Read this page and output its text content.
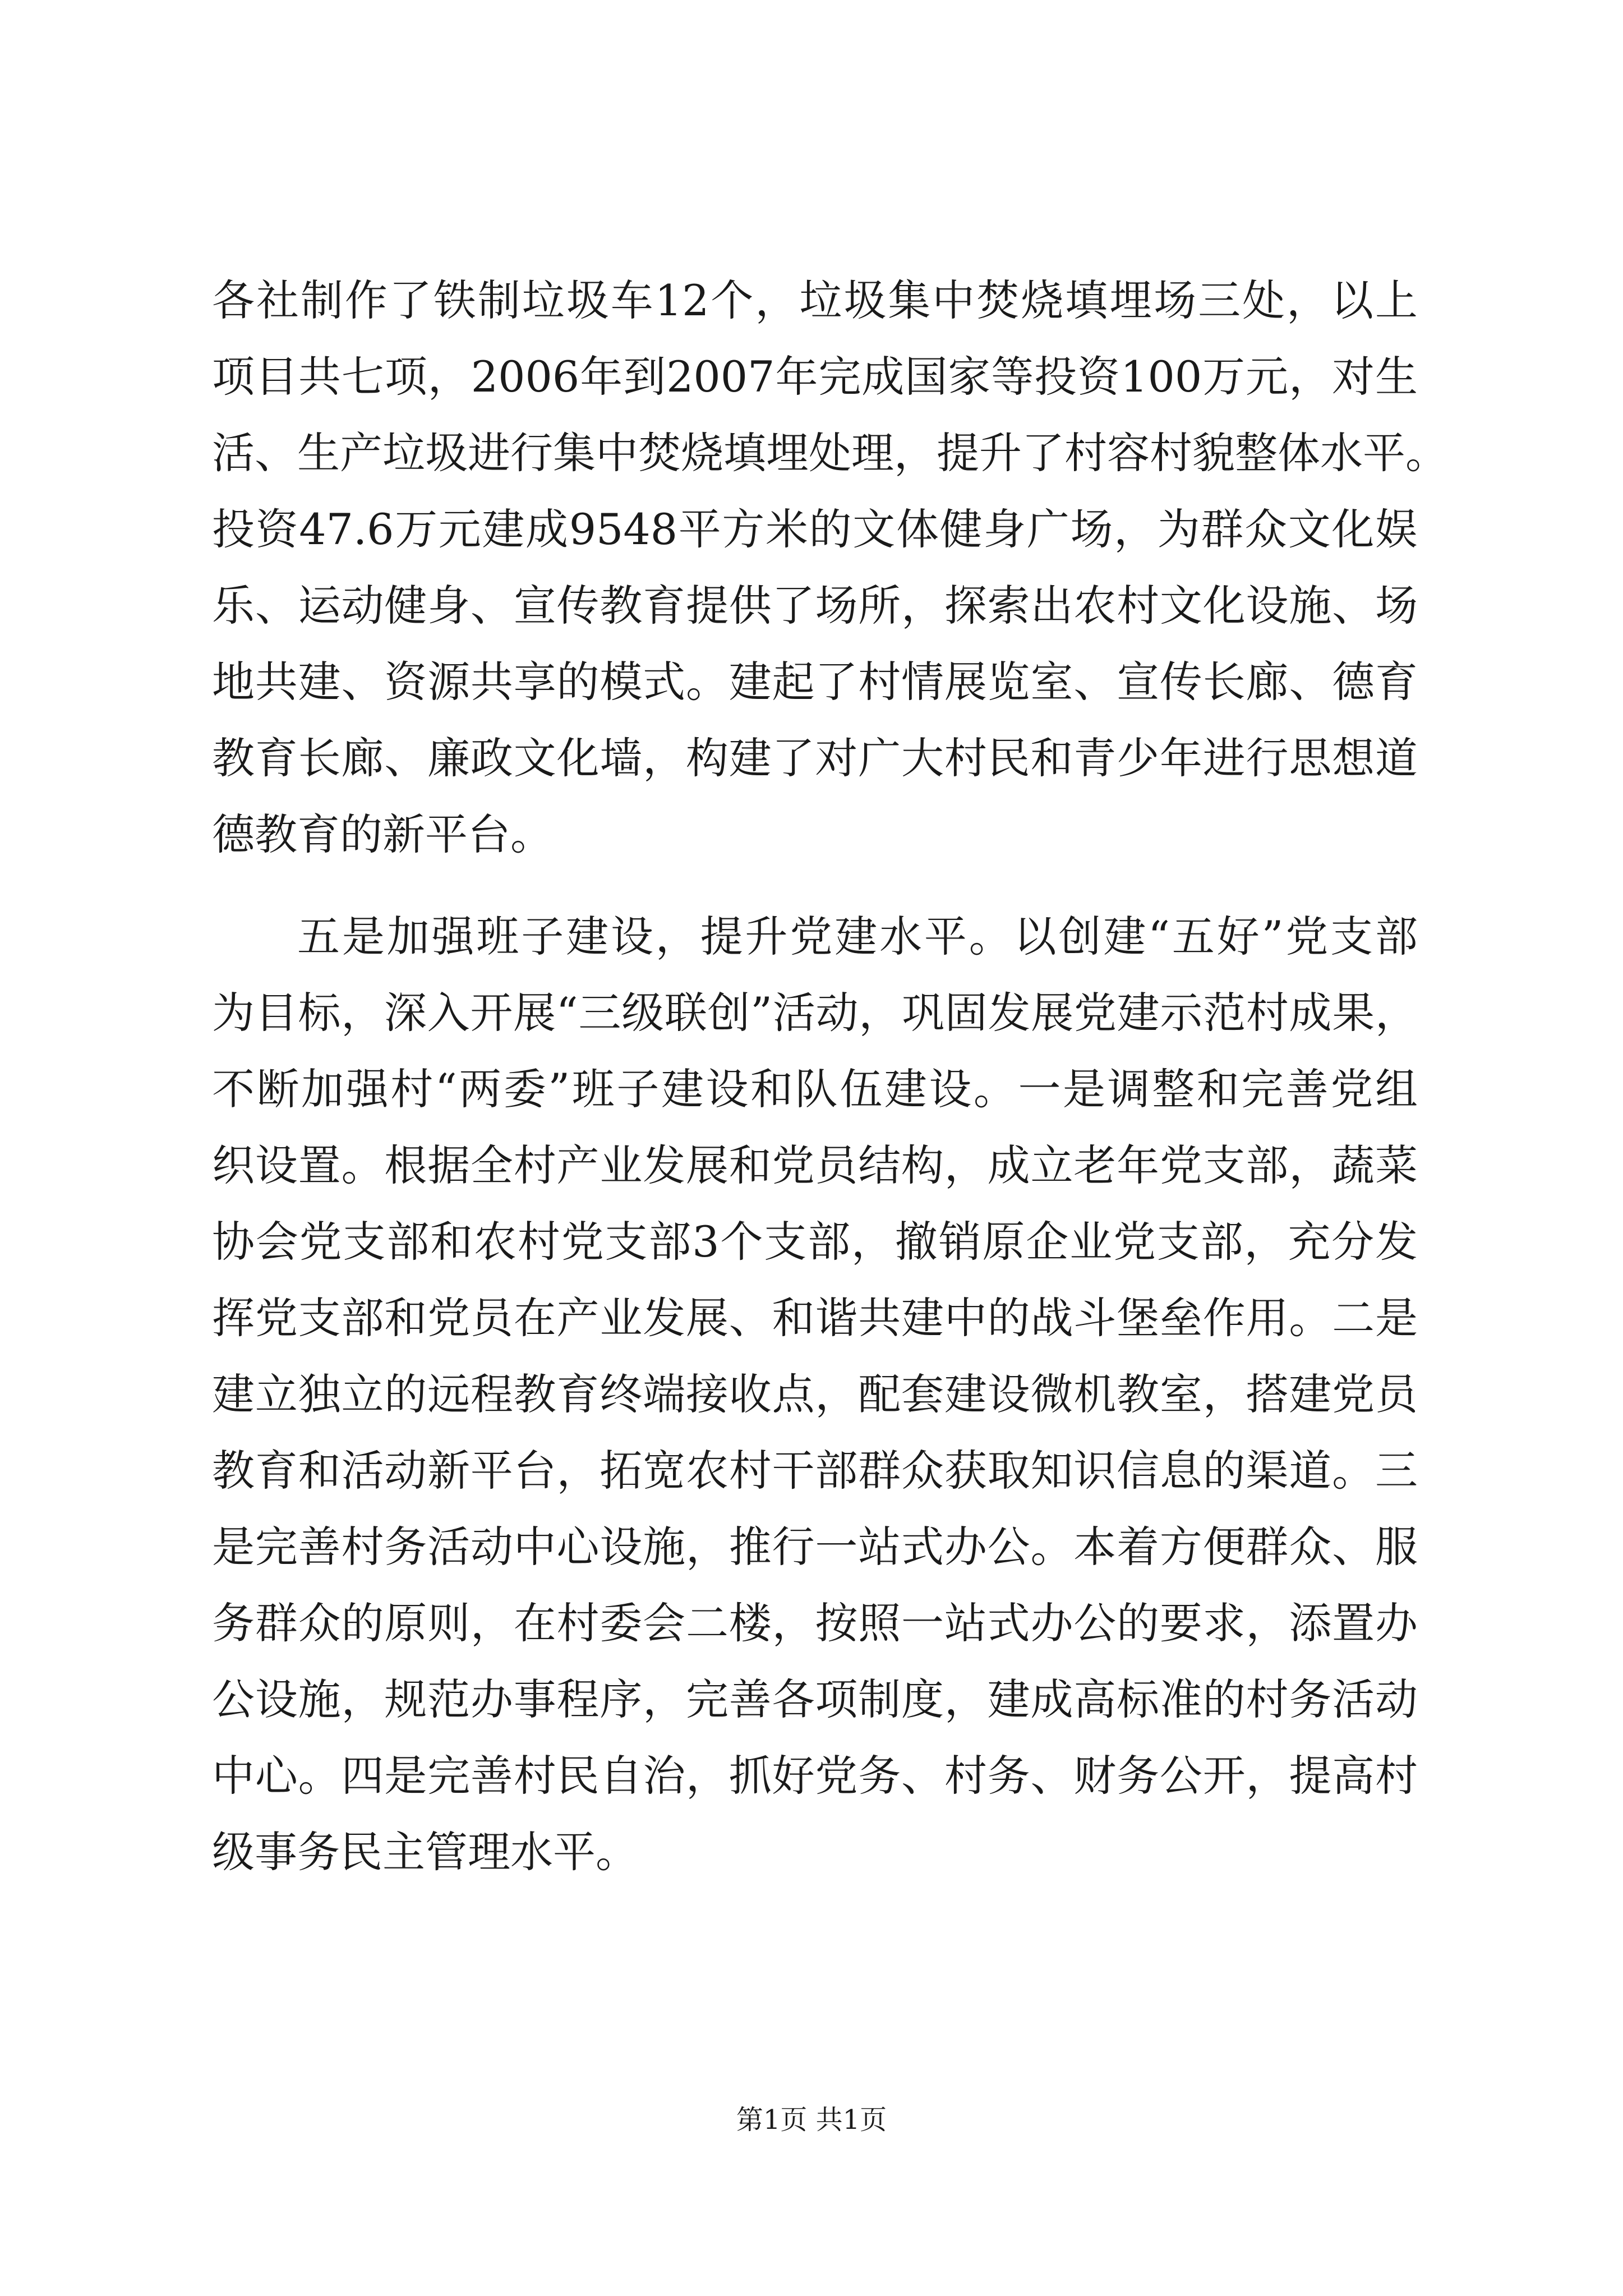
各社制作了铁制垃圾车12个，垃圾集中焚烧填埋场三处，以上
项目共七项，2006年到2007年完成国家等投资100万元，对生
活、生产垃圾进行集中焚烧填埋处理，提升了村容村貌整体水平。
投资47.6万元建成9548平方米的文体健身广场，为群众文化娱
乐、运动健身、宣传教育提供了场所，探索出农村文化设施、场
地共建、资源共享的模式。建起了村情展览室、宣传长廊、德育
教育长廊、廉政文化墙，构建了对广大村民和青少年进行思想道
德教育的新平台。
五是加强班子建设，提升党建水平。以创建“五好”党支部
为目标，深入开展“三级联创”活动，巩固发展党建示范村成果，
不断加强村“两委”班子建设和队伍建设。一是调整和完善党组
织设置。根据全村产业发展和党员结构，成立老年党支部，蔬菜
协会党支部和农村党支部3个支部，撤销原企业党支部，充分发
挥党支部和党员在产业发展、和谐共建中的战斗堡垒作用。二是
建立独立的远程教育终端接收点，配套建设微机教室，搭建党员
教育和活动新平台，拓宽农村干部群众获取知识信息的渠道。三
是完善村务活动中心设施，推行一站式办公。本着方便群众、服
务群众的原则，在村委会二楼，按照一站式办公的要求，添置办
公设施，规范办事程序，完善各项制度，建成高标准的村务活动
中心。四是完善村民自治，抓好党务、村务、财务公开，提高村
级事务民主管理水平。
第1页 共1页
